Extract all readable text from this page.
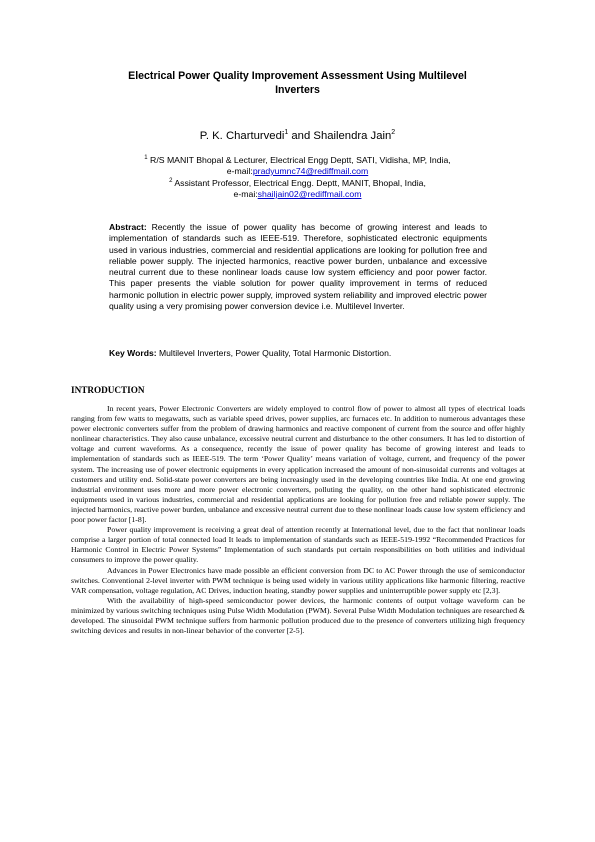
Electrical Power Quality Improvement Assessment Using Multilevel Inverters
P. K. Charturvedi$^1$ and Shailendra Jain$^2$
$^1$ R/S MANIT Bhopal & Lecturer, Electrical Engg Deptt, SATI, Vidisha, MP, India,
e-mail:pradyumnc74@rediffmail.com
$^2$ Assistant Professor, Electrical Engg. Deptt, MANIT, Bhopal, India,
e-mai:shailjain02@rediffmail.com
Abstract: Recently the issue of power quality has become of growing interest and leads to implementation of standards such as IEEE-519. Therefore, sophisticated electronic equipments used in various industries, commercial and residential applications are looking for pollution free and reliable power supply. The injected harmonics, reactive power burden, unbalance and excessive neutral current due to these nonlinear loads cause low system efficiency and poor power factor. This paper presents the viable solution for power quality improvement in terms of reduced harmonic pollution in electric power supply, improved system reliability and improved electric power quality using a very promising power conversion device i.e. Multilevel Inverter.
Key Words: Multilevel Inverters, Power Quality, Total Harmonic Distortion.
INTRODUCTION

In recent years, Power Electronic Converters are widely employed to control flow of power to almost all types of electrical loads ranging from few watts to megawatts, such as variable speed drives, power supplies, arc furnaces etc. In addition to numerous advantages these power electronic converters suffer from the problem of drawing harmonics and reactive component of current from the source and offer highly nonlinear characteristics. They also cause unbalance, excessive neutral current and disturbance to the other consumers. It has led to distortion of voltage and current waveforms. As a consequence, recently the issue of power quality has become of growing interest and leads to implementation of standards such as IEEE-519. The term ‘Power Quality’ means variation of voltage, current, and frequency of the power system. The increasing use of power electronic equipments in every application increased the amount of non-sinusoidal currents and voltages at customers and utility end. Solid-state power converters are being increasingly used in the developing countries like India. At one end growing industrial environment uses more and more power electronic converters, polluting the quality, on the other hand sophisticated electronic equipments used in various industries, commercial and residential applications are looking for pollution free and reliable power supply. The injected harmonics, reactive power burden, unbalance and excessive neutral current due to these nonlinear loads cause low system efficiency and poor power factor [1-8].

Power quality improvement is receiving a great deal of attention recently at International level, due to the fact that nonlinear loads comprise a larger portion of total connected load It leads to implementation of standards such as IEEE-519-1992 “Recommended Practices for Harmonic Control in Electric Power Systems” Implementation of such standards put certain responsibilities on both utilities and individual consumers to improve the power quality.

Advances in Power Electronics have made possible an efficient conversion from DC to AC Power through the use of semiconductor switches. Conventional 2-level inverter with PWM technique is being used widely in various utility applications like harmonic filtering, reactive VAR compensation, voltage regulation, AC Drives, induction heating, standby power supplies and uninterruptible power supply etc [2,3].

With the availability of high-speed semiconductor power devices, the harmonic contents of output voltage waveform can be minimized by various switching techniques using Pulse Width Modulation (PWM). Several Pulse Width Modulation techniques are researched & developed. The sinusoidal PWM technique suffers from harmonic pollution produced due to the presence of converters utilizing high frequency switching devices and results in non-linear behavior of the converter [2-5].
